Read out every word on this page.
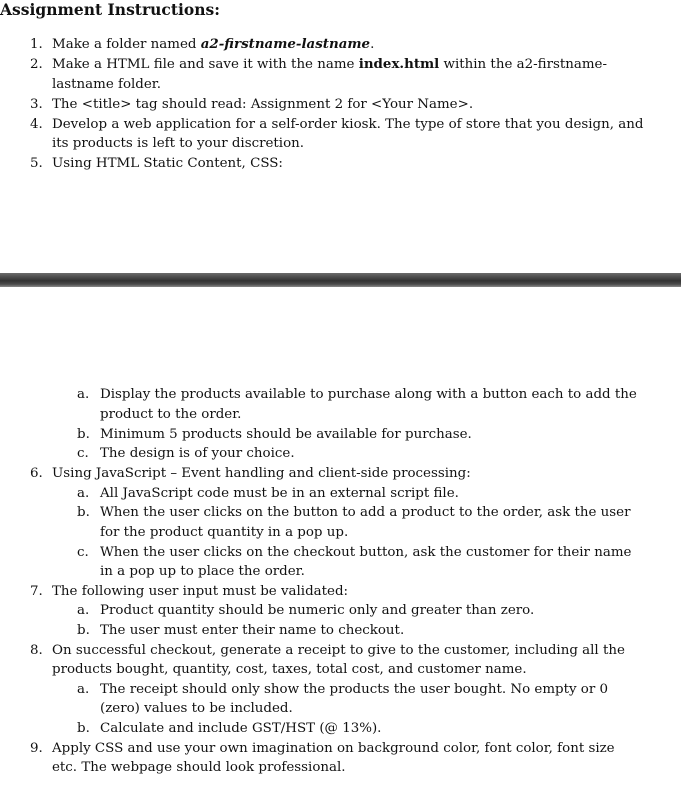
Assignment Instructions:
1. Make a folder named a2-firstname-lastname.
2. Make a HTML file and save it with the name index.html within the a2-firstname-
lastname folder.
3. The <title> tag should read: Assignment 2 for <Your Name>.
4. Develop a web application for a self-order kiosk. The type of store that you design, and
its products is left to your discretion.
5. Using HTML Static Content, CSS:
a. Display the products available to purchase along with a button each to add the
product to the order.
b. Minimum 5 products should be available for purchase.
c. The design is of your choice.
6. Using JavaScript – Event handling and client-side processing:
a. All JavaScript code must be in an external script file.
b. When the user clicks on the button to add a product to the order, ask the user
for the product quantity in a pop up.
c. When the user clicks on the checkout button, ask the customer for their name
in a pop up to place the order.
7. The following user input must be validated:
a. Product quantity should be numeric only and greater than zero.
b. The user must enter their name to checkout.
8. On successful checkout, generate a receipt to give to the customer, including all the
products bought, quantity, cost, taxes, total cost, and customer name.
a. The receipt should only show the products the user bought. No empty or 0
(zero) values to be included.
b. Calculate and include GST/HST (@ 13%).
9. Apply CSS and use your own imagination on background color, font color, font size
etc. The webpage should look professional.
